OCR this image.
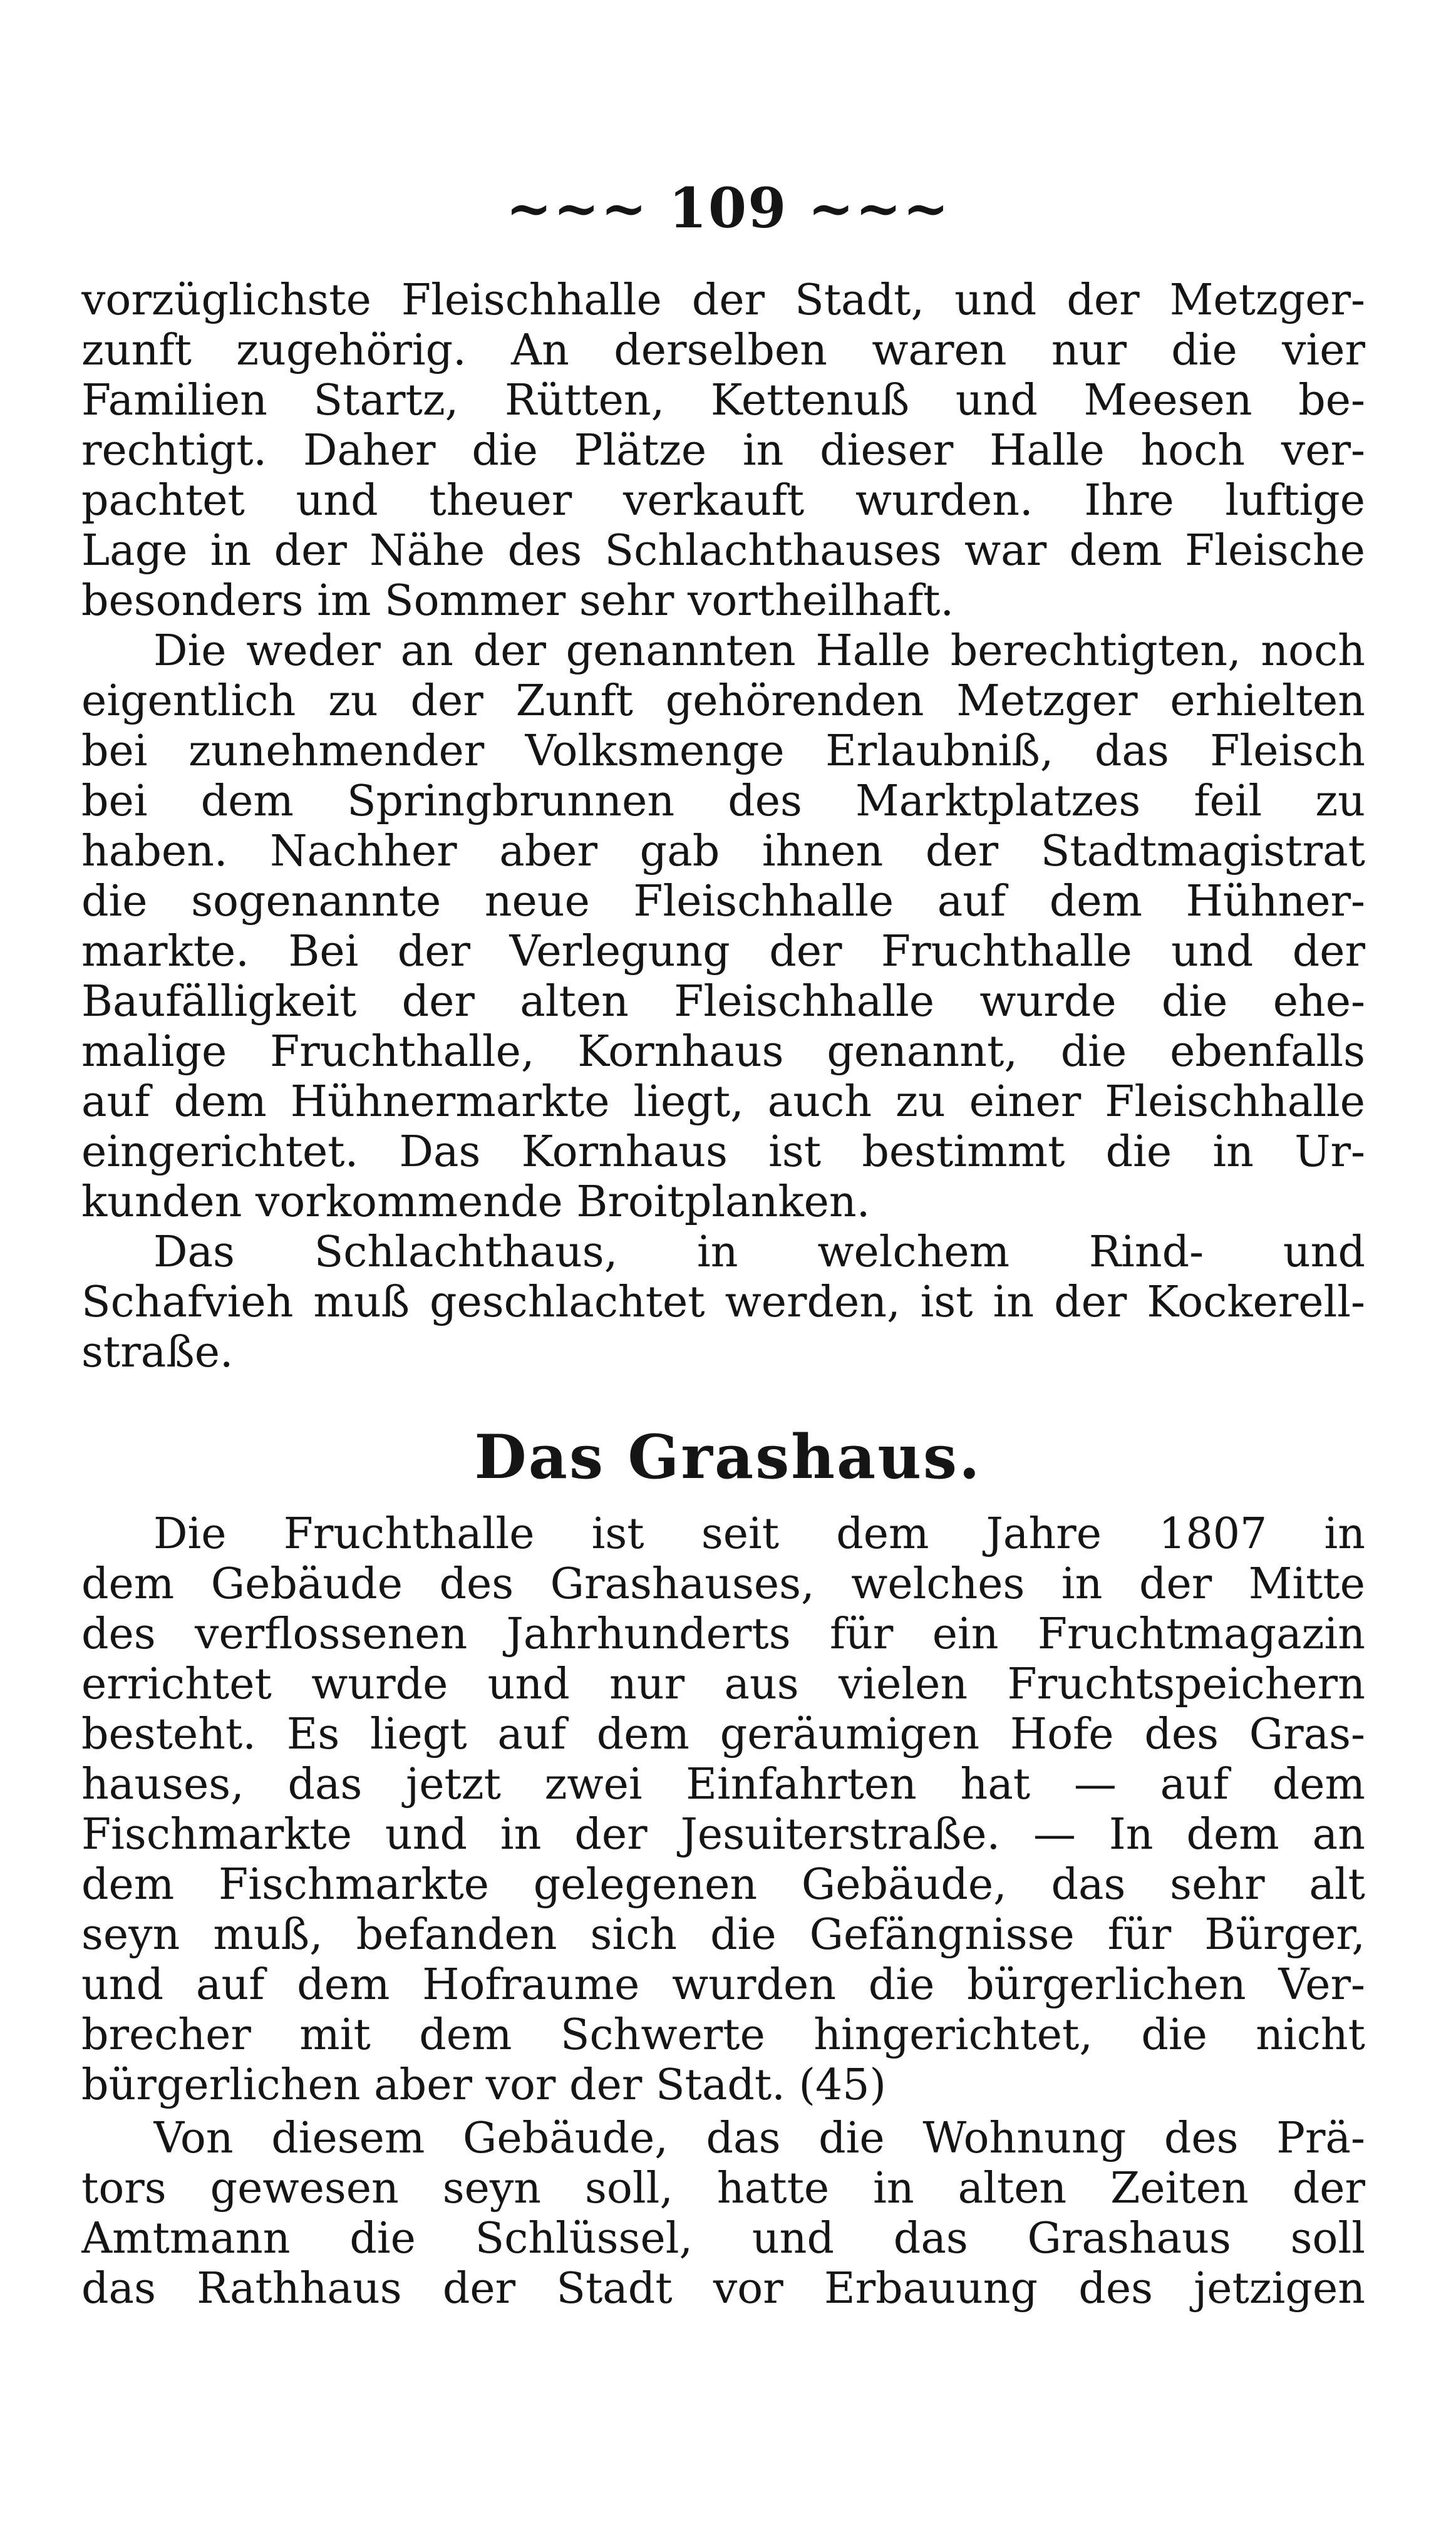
~~~ 109 ~~~
vorzüglichste Fleischhalle der Stadt, und der Metzger-
zunft zugehörig. An derselben waren nur die vier
Familien Startz, Rütten, Kettenuß und Meesen be-
rechtigt. Daher die Plätze in dieser Halle hoch ver-
pachtet und theuer verkauft wurden. Ihre luftige
Lage in der Nähe des Schlachthauses war dem Fleische
besonders im Sommer sehr vortheilhaft.
Die weder an der genannten Halle berechtigten, noch
eigentlich zu der Zunft gehörenden Metzger erhielten
bei zunehmender Volksmenge Erlaubniß, das Fleisch
bei dem Springbrunnen des Marktplatzes feil zu
haben. Nachher aber gab ihnen der Stadtmagistrat
die sogenannte neue Fleischhalle auf dem Hühner-
markte. Bei der Verlegung der Fruchthalle und der
Baufälligkeit der alten Fleischhalle wurde die ehe-
malige Fruchthalle, Kornhaus genannt, die ebenfalls
auf dem Hühnermarkte liegt, auch zu einer Fleischhalle
eingerichtet. Das Kornhaus ist bestimmt die in Ur-
kunden vorkommende Broitplanken.
Das Schlachthaus, in welchem Rind- und
Schafvieh muß geschlachtet werden, ist in der Kockerell-
straße.
Das Grashaus.
Die Fruchthalle ist seit dem Jahre 1807 in
dem Gebäude des Grashauses, welches in der Mitte
des verflossenen Jahrhunderts für ein Fruchtmagazin
errichtet wurde und nur aus vielen Fruchtspeichern
besteht. Es liegt auf dem geräumigen Hofe des Gras-
hauses, das jetzt zwei Einfahrten hat — auf dem
Fischmarkte und in der Jesuiterstraße. — In dem an
dem Fischmarkte gelegenen Gebäude, das sehr alt
seyn muß, befanden sich die Gefängnisse für Bürger,
und auf dem Hofraume wurden die bürgerlichen Ver-
brecher mit dem Schwerte hingerichtet, die nicht
bürgerlichen aber vor der Stadt. (45)
Von diesem Gebäude, das die Wohnung des Prä-
tors gewesen seyn soll, hatte in alten Zeiten der
Amtmann die Schlüssel, und das Grashaus soll
das Rathhaus der Stadt vor Erbauung des jetzigen
